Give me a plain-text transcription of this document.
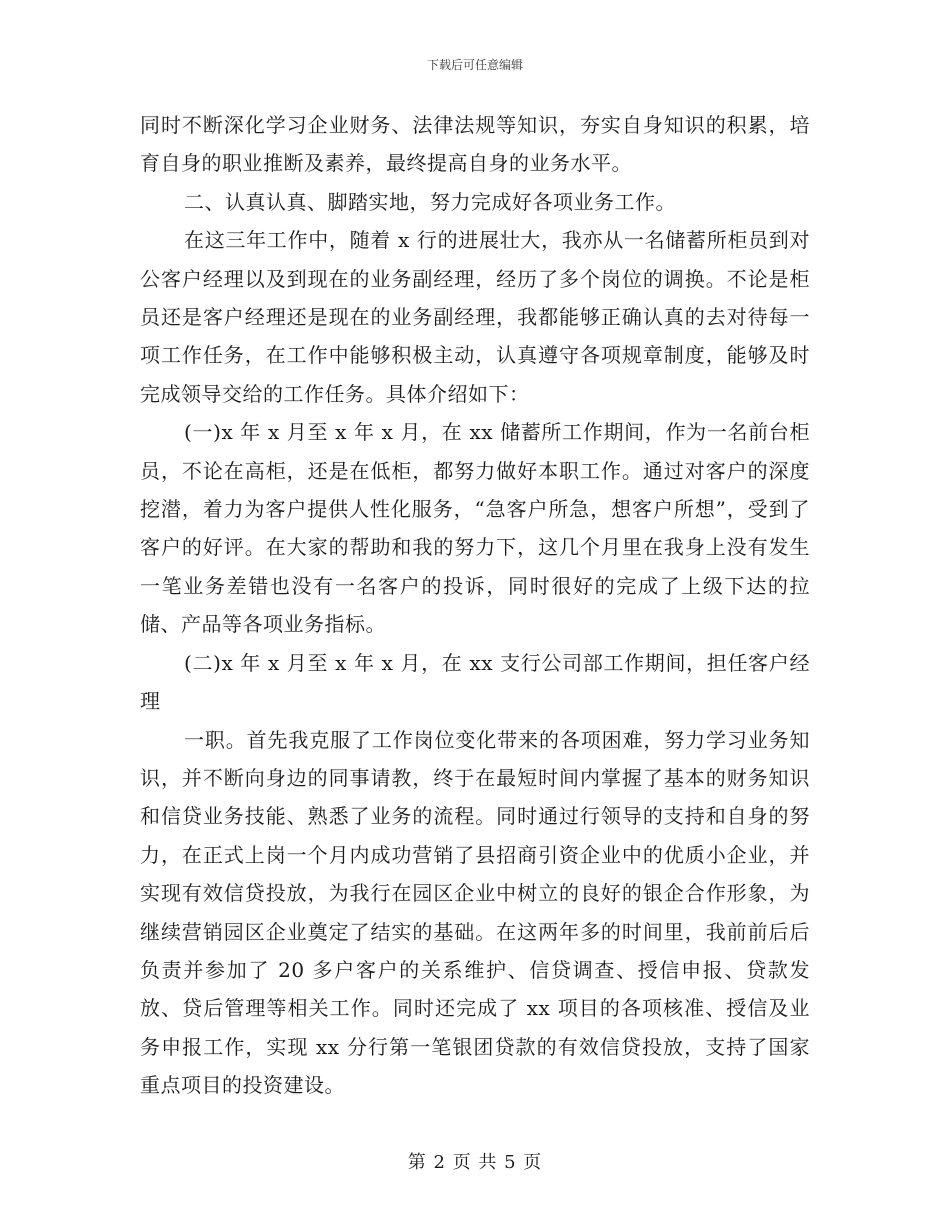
下载后可任意编辑

同时不断深化学习企业财务、法律法规等知识，夯实自身知识的积累，培育自身的职业推断及素养，最终提高自身的业务水平。

二、认真认真、脚踏实地，努力完成好各项业务工作。

在这三年工作中，随着 x 行的进展壮大，我亦从一名储蓄所柜员到对公客户经理以及到现在的业务副经理，经历了多个岗位的调换。不论是柜员还是客户经理还是现在的业务副经理，我都能够正确认真的去对待每一项工作任务，在工作中能够积极主动，认真遵守各项规章制度，能够及时完成领导交给的工作任务。具体介绍如下：

(一)x 年 x 月至 x 年 x 月，在 xx 储蓄所工作期间，作为一名前台柜员，不论在高柜，还是在低柜，都努力做好本职工作。通过对客户的深度挖潜，着力为客户提供人性化服务，“急客户所急，想客户所想”，受到了客户的好评。在大家的帮助和我的努力下，这几个月里在我身上没有发生一笔业务差错也没有一名客户的投诉，同时很好的完成了上级下达的拉储、产品等各项业务指标。

(二)x 年 x 月至 x 年 x 月，在 xx 支行公司部工作期间，担任客户经理

一职。首先我克服了工作岗位变化带来的各项困难，努力学习业务知识，并不断向身边的同事请教，终于在最短时间内掌握了基本的财务知识和信贷业务技能、熟悉了业务的流程。同时通过行领导的支持和自身的努力，在正式上岗一个月内成功营销了县招商引资企业中的优质小企业，并实现有效信贷投放，为我行在园区企业中树立的良好的银企合作形象，为继续营销园区企业奠定了结实的基础。在这两年多的时间里，我前前后后负责并参加了 20 多户客户的关系维护、信贷调查、授信申报、贷款发放、贷后管理等相关工作。同时还完成了 xx 项目的各项核准、授信及业务申报工作，实现 xx 分行第一笔银团贷款的有效信贷投放，支持了国家重点项目的投资建设。

第 2 页 共 5 页
